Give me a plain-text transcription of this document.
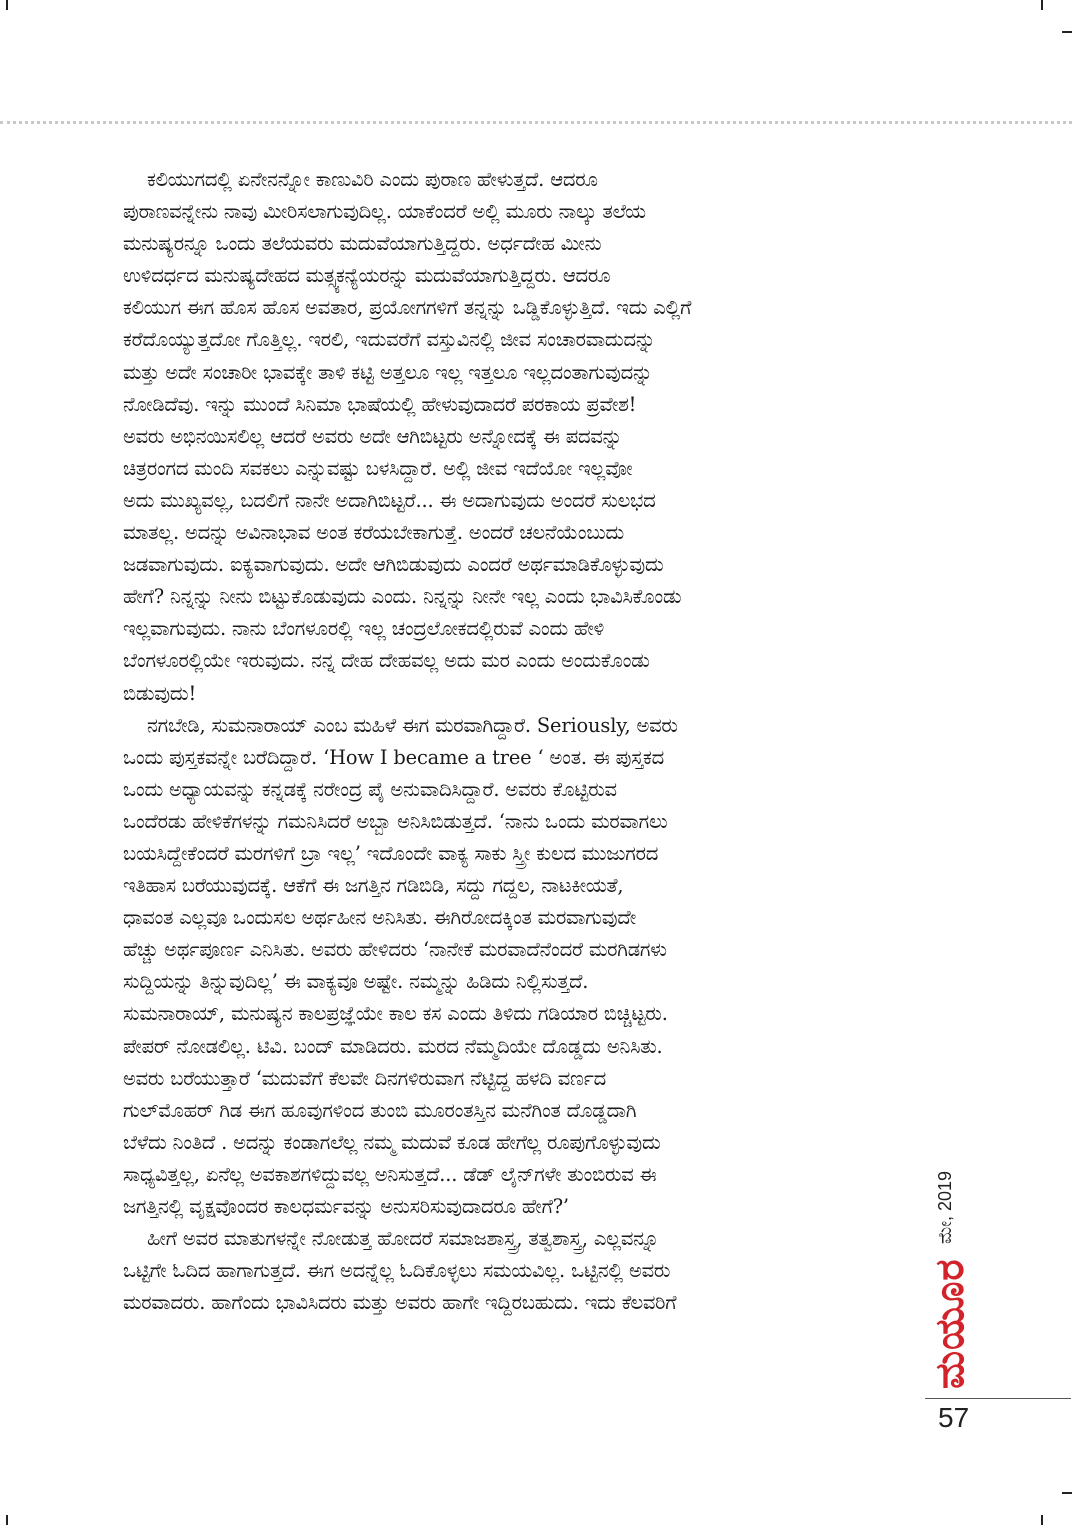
ಕಲಿಯುಗದಲ್ಲಿ ಏನೇನನ್ನೋ ಕಾಣುವಿರಿ ಎಂದು ಪುರಾಣ ಹೇಳುತ್ತದೆ. ಆದರೂ
ಪುರಾಣವನ್ನೇನು ನಾವು ಮೀರಿಸಲಾಗುವುದಿಲ್ಲ. ಯಾಕೆಂದರೆ ಅಲ್ಲಿ ಮೂರು ನಾಲ್ಕು ತಲೆಯ
ಮನುಷ್ಯರನ್ನೂ ಒಂದು ತಲೆಯವರು ಮದುವೆಯಾಗುತ್ತಿದ್ದರು. ಅರ್ಧದೇಹ ಮೀನು
ಉಳಿದರ್ಧದ ಮನುಷ್ಯದೇಹದ ಮತ್ಸ್ಯಕನ್ಯೆಯರನ್ನು ಮದುವೆಯಾಗುತ್ತಿದ್ದರು. ಆದರೂ
ಕಲಿಯುಗ ಈಗ ಹೊಸ ಹೊಸ ಅವತಾರ, ಪ್ರಯೋಗಗಳಿಗೆ ತನ್ನನ್ನು ಒಡ್ಡಿಕೊಳ್ಳುತ್ತಿದೆ. ಇದು ಎಲ್ಲಿಗೆ
ಕರೆದೊಯ್ಯುತ್ತದೋ ಗೊತ್ತಿಲ್ಲ. ಇರಲಿ, ಇದುವರೆಗೆ ವಸ್ತುವಿನಲ್ಲಿ ಜೀವ ಸಂಚಾರವಾದುದನ್ನು
ಮತ್ತು ಅದೇ ಸಂಚಾರೀ ಭಾವಕ್ಕೇ ತಾಳಿ ಕಟ್ಟಿ ಅತ್ತಲೂ ಇಲ್ಲ ಇತ್ತಲೂ ಇಲ್ಲದಂತಾಗುವುದನ್ನು
ನೋಡಿದೆವು. ಇನ್ನು ಮುಂದೆ ಸಿನಿಮಾ ಭಾಷೆಯಲ್ಲಿ ಹೇಳುವುದಾದರೆ ಪರಕಾಯ ಪ್ರವೇಶ!
ಅವರು ಅಭಿನಯಿಸಲಿಲ್ಲ ಆದರೆ ಅವರು ಅದೇ ಆಗಿಬಿಟ್ಟರು ಅನ್ನೋದಕ್ಕೆ ಈ ಪದವನ್ನು
ಚಿತ್ರರಂಗದ ಮಂದಿ ಸವಕಲು ಎನ್ನುವಷ್ಟು ಬಳಸಿದ್ದಾರೆ. ಅಲ್ಲಿ ಜೀವ ಇದೆಯೋ ಇಲ್ಲವೋ
ಅದು ಮುಖ್ಯವಲ್ಲ, ಬದಲಿಗೆ ನಾನೇ ಅದಾಗಿಬಿಟ್ಟರೆ... ಈ ಅದಾಗುವುದು ಅಂದರೆ ಸುಲಭದ
ಮಾತಲ್ಲ. ಅದನ್ನು ಅವಿನಾಭಾವ ಅಂತ ಕರೆಯಬೇಕಾಗುತ್ತೆ. ಅಂದರೆ ಚಲನೆಯೆಂಬುದು
ಜಡವಾಗುವುದು. ಐಕ್ಯವಾಗುವುದು. ಅದೇ ಆಗಿಬಿಡುವುದು ಎಂದರೆ ಅರ್ಥಮಾಡಿಕೊಳ್ಳುವುದು
ಹೇಗೆ? ನಿನ್ನನ್ನು ನೀನು ಬಿಟ್ಟುಕೊಡುವುದು ಎಂದು. ನಿನ್ನನ್ನು ನೀನೇ ಇಲ್ಲ ಎಂದು ಭಾವಿಸಿಕೊಂಡು
ಇಲ್ಲವಾಗುವುದು. ನಾನು ಬೆಂಗಳೂರಲ್ಲಿ ಇಲ್ಲ ಚಂದ್ರಲೋಕದಲ್ಲಿರುವೆ ಎಂದು ಹೇಳಿ
ಬೆಂಗಳೂರಲ್ಲಿಯೇ ಇರುವುದು. ನನ್ನ ದೇಹ ದೇಹವಲ್ಲ ಅದು ಮರ ಎಂದು ಅಂದುಕೊಂಡು
ಬಿಡುವುದು!
ನಗಬೇಡಿ, ಸುಮನಾರಾಯ್ ಎಂಬ ಮಹಿಳೆ ಈಗ ಮರವಾಗಿದ್ದಾರೆ. Seriously, ಅವರು
ಒಂದು ಪುಸ್ತಕವನ್ನೇ ಬರೆದಿದ್ದಾರೆ. ‘How I became a tree ‘ ಅಂತ. ಈ ಪುಸ್ತಕದ
ಒಂದು ಅಧ್ಯಾಯವನ್ನು ಕನ್ನಡಕ್ಕೆ ನರೇಂದ್ರ ಪೈ ಅನುವಾದಿಸಿದ್ದಾರೆ. ಅವರು ಕೊಟ್ಟಿರುವ
ಒಂದೆರಡು ಹೇಳಿಕೆಗಳನ್ನು ಗಮನಿಸಿದರೆ ಅಬ್ಬಾ ಅನಿಸಿಬಿಡುತ್ತದೆ. ‘ನಾನು ಒಂದು ಮರವಾಗಲು
ಬಯಸಿದ್ದೇಕೆಂದರೆ ಮರಗಳಿಗೆ ಬ್ರಾ ಇಲ್ಲ’ ಇದೊಂದೇ ವಾಕ್ಯ ಸಾಕು ಸ್ತ್ರೀ ಕುಲದ ಮುಜುಗರದ
ಇತಿಹಾಸ ಬರೆಯುವುದಕ್ಕೆ. ಆಕೆಗೆ ಈ ಜಗತ್ತಿನ ಗಡಿಬಿಡಿ, ಸದ್ದು ಗದ್ದಲ, ನಾಟಕೀಯತೆ,
ಧಾವಂತ ಎಲ್ಲವೂ ಒಂದುಸಲ ಅರ್ಥಹೀನ ಅನಿಸಿತು. ಈಗಿರೋದಕ್ಕಿಂತ ಮರವಾಗುವುದೇ
ಹೆಚ್ಚು ಅರ್ಥಪೂರ್ಣ ಎನಿಸಿತು. ಅವರು ಹೇಳಿದರು ‘ನಾನೇಕೆ ಮರವಾದೆನೆಂದರೆ ಮರಗಿಡಗಳು
ಸುದ್ದಿಯನ್ನು ತಿನ್ನುವುದಿಲ್ಲ’ ಈ ವಾಕ್ಯವೂ ಅಷ್ಟೇ. ನಮ್ಮನ್ನು ಹಿಡಿದು ನಿಲ್ಲಿಸುತ್ತದೆ.
ಸುಮನಾರಾಯ್, ಮನುಷ್ಯನ ಕಾಲಪ್ರಜ್ಞೆಯೇ ಕಾಲ ಕಸ ಎಂದು ತಿಳಿದು ಗಡಿಯಾರ ಬಿಚ್ಚಿಟ್ಟರು.
ಪೇಪರ್ ನೋಡಲಿಲ್ಲ. ಟಿವಿ. ಬಂದ್ ಮಾಡಿದರು. ಮರದ ನೆಮ್ಮದಿಯೇ ದೊಡ್ಡದು ಅನಿಸಿತು.
ಅವರು ಬರೆಯುತ್ತಾರೆ ‘ಮದುವೆಗೆ ಕೆಲವೇ ದಿನಗಳಿರುವಾಗ ನೆಟ್ಟಿದ್ದ ಹಳದಿ ವರ್ಣದ
ಗುಲ್‌ಮೊಹರ್ ಗಿಡ ಈಗ ಹೂವುಗಳಿಂದ ತುಂಬಿ ಮೂರಂತಸ್ತಿನ ಮನೆಗಿಂತ ದೊಡ್ಡದಾಗಿ
ಬೆಳೆದು ನಿಂತಿದೆ . ಅದನ್ನು ಕಂಡಾಗಲೆಲ್ಲ ನಮ್ಮ ಮದುವೆ ಕೂಡ ಹೇಗೆಲ್ಲ ರೂಪುಗೊಳ್ಳುವುದು
ಸಾಧ್ಯವಿತ್ತಲ್ಲ, ಏನೆಲ್ಲ ಅವಕಾಶಗಳಿದ್ದುವಲ್ಲ ಅನಿಸುತ್ತದೆ... ಡೆಡ್ ಲೈನ್‌ಗಳೇ ತುಂಬಿರುವ ಈ
ಜಗತ್ತಿನಲ್ಲಿ ವೃಕ್ಷವೊಂದರ ಕಾಲಧರ್ಮವನ್ನು ಅನುಸರಿಸುವುದಾದರೂ ಹೇಗೆ?’
ಹೀಗೆ ಅವರ ಮಾತುಗಳನ್ನೇ ನೋಡುತ್ತ ಹೋದರೆ ಸಮಾಜಶಾಸ್ತ್ರ, ತತ್ವಶಾಸ್ತ್ರ, ಎಲ್ಲವನ್ನೂ
ಒಟ್ಟಿಗೇ ಓದಿದ ಹಾಗಾಗುತ್ತದೆ. ಈಗ ಅದನ್ನೆಲ್ಲ ಓದಿಕೊಳ್ಳಲು ಸಮಯವಿಲ್ಲ. ಒಟ್ಟಿನಲ್ಲಿ ಅವರು
ಮರವಾದರು. ಹಾಗೆಂದು ಭಾವಿಸಿದರು ಮತ್ತು ಅವರು ಹಾಗೇ ಇದ್ದಿರಬಹುದು. ಇದು ಕೆಲವರಿಗೆ
ಮೇ, 2019
ಮಯೂರ
57
